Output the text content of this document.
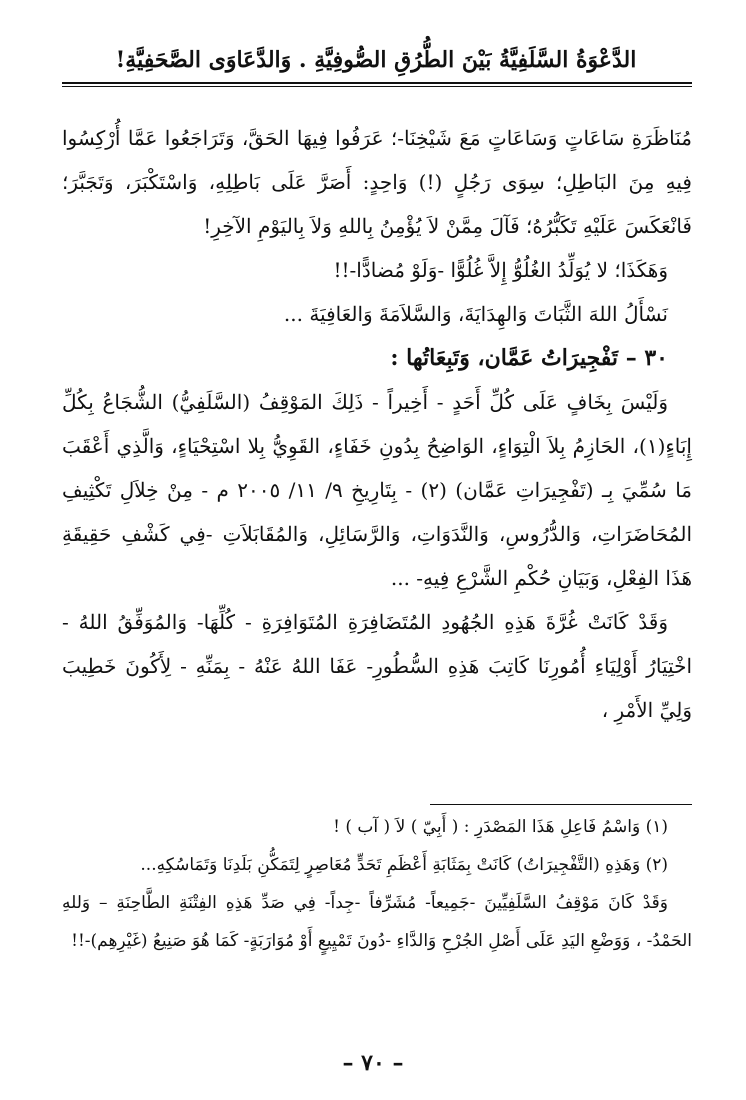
الدَّعْوَةُ السَّلَفِيَّةُ بَيْنَ الطُّرُقِ الصُّوفِيَّةِ . وَالدَّعَاوَى الصَّحَفِيَّةِ!

مُنَاظَرَةِ سَاعَاتٍ وَسَاعَاتٍ مَعَ شَيْخِنَا-؛ عَرَفُوا فِيهَا الحَقَّ، وَتَرَاجَعُوا عَمَّا أُرْكِسُوا فِيهِ مِنَ البَاطِلِ؛ سِوَى رَجُلٍ (!) وَاحِدٍ: أَصَرَّ عَلَى بَاطِلِهِ، وَاسْتَكْبَرَ، وَتَجَبَّرَ؛ فَانْعَكَسَ عَلَيْهِ تَكَبُّرُهُ؛ فَآلَ مِمَّنْ لاَ يُؤْمِنُ بِاللهِ وَلاَ بِاليَوْمِ الآخِرِ!

وَهَكَذَا؛ لا يُوَلِّدُ الغُلُوُّ إِلاَّ غُلُوًّا -وَلَوْ مُضادًّا-!!

نَسْأَلُ اللهَ الثَّبَاتَ وَالهِدَايَةَ، وَالسَّلاَمَةَ وَالعَافِيَةَ ...

٣٠ – تَفْجِيرَاتُ عَمَّان، وَتَبِعَاتُها :

وَلَيْسَ بِخَافٍ عَلَى كُلِّ أَحَدٍ - أَخِيراً - ذَلِكَ المَوْقِفُ (السَّلَفِيُّ) الشُّجَاعُ بِكُلِّ إِبَاءٍ(١)، الحَازِمُ بِلاَ الْتِوَاءٍ، الوَاضِحُ بِدُونِ خَفَاءٍ، القَوِيُّ بِلا اسْتِحْيَاءٍ، وَالَّذِي أَعْقَبَ مَا سُمِّيَ بِـ (تَفْجِيرَاتِ عَمَّان) (٢) - بِتَارِيخِ ٩/ ١١/ ٢٠٠٥ م - مِنْ خِلاَلِ تَكْثِيفِ المُحَاضَرَاتِ، وَالدُّرُوسِ، وَالنَّدَوَاتِ، وَالرَّسَائِلِ، وَالمُقَابَلاَتِ -فِي كَشْفِ حَقِيقَةِ هَذَا الفِعْلِ، وَبَيَانِ حُكْمِ الشَّرْعِ فِيهِ- ...

وَقَدْ كَانَتْ غُرَّةَ هَذِهِ الجُهُودِ المُتَضَافِرَةِ المُتَوَافِرَةِ - كُلِّهَا- وَالمُوَفِّقُ اللهُ - اخْتِيَارُ أَوْلِيَاءِ أُمُورِنَا كَاتِبَ هَذِهِ السُّطُورِ- عَفَا اللهُ عَنْهُ - بِمَنِّهِ - لِأَكُونَ خَطِيبَ وَلِيِّ الأَمْرِ ،

(١) وَاسْمُ فَاعِلِ هَذَا المَصْدَرِ : ( أَبِيّ ) لاَ ( آب ) !

(٢) وَهَذِهِ (التَّفْجِيرَاتُ) كَانَتْ بِمَثَابَةِ أَعْظَمِ تَحَدٍّ مُعَاصِرٍ لِتَمَكُّنِ بَلَدِنَا وَتَمَاسُكِهِ...

وَقَدْ كَانَ مَوْقِفُ السَّلَفِيِّينَ -جَمِيعاً- مُشَرِّفاً -جِداً- فِي صَدِّ هَذِهِ الفِتْنَةِ الطَّاحِنَةِ – وَللهِ الحَمْدُ- ، وَوَضْعِ اليَدِ عَلَى أَصْلِ الجُرْحِ وَالدَّاءِ -دُونَ تَمْيِيعٍ أَوْ مُوَارَبَةٍ- كَمَا هُوَ صَنِيعُ (غَيْرِهِم)-!!

– ٧٠ –
